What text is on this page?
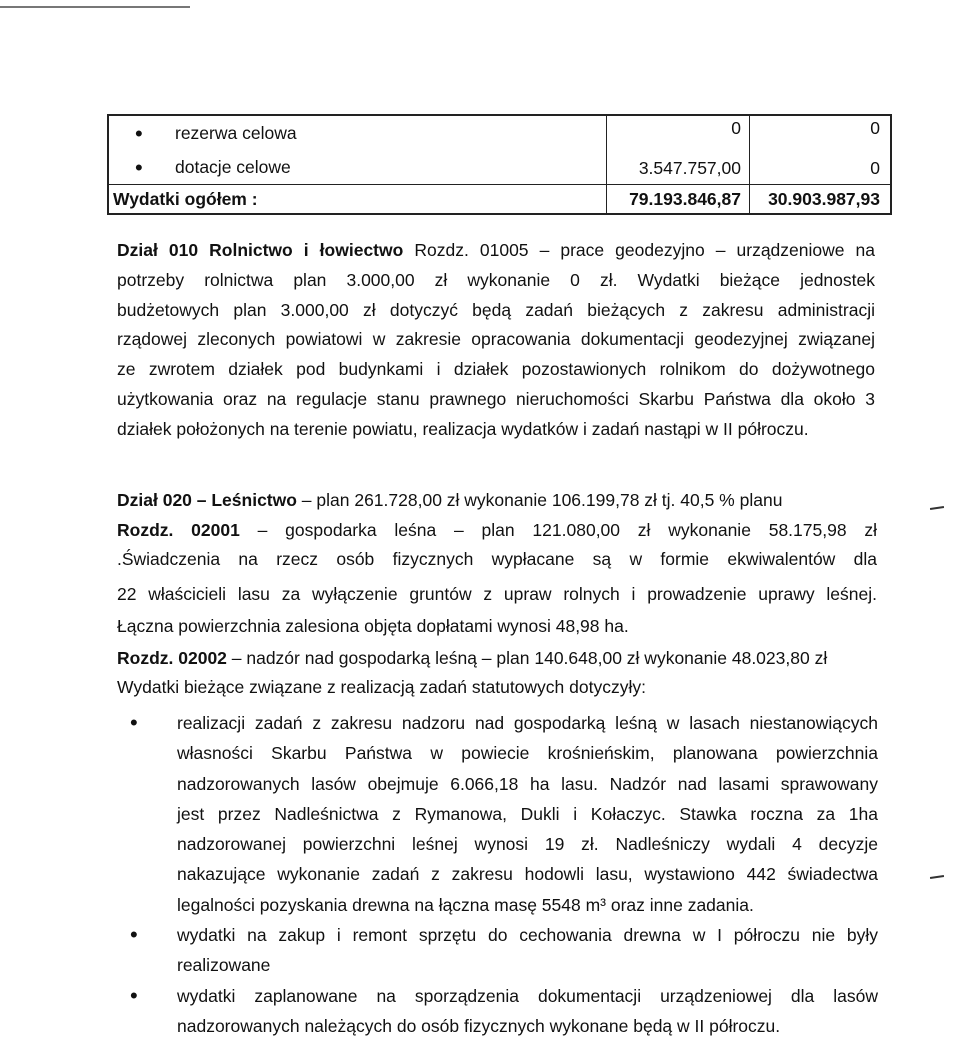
• rezerwa celowa	0	0
• dotacje celowe	3.547.757,00	0
Wydatki ogółem :	79.193.846,87	30.903.987,93
Dział 010 Rolnictwo i łowiectwo Rozdz. 01005 – prace geodezyjno – urządzeniowe na
potrzeby rolnictwa plan 3.000,00 zł wykonanie 0 zł. Wydatki bieżące jednostek
budżetowych plan 3.000,00 zł dotyczyć będą zadań bieżących z zakresu administracji
rządowej zleconych powiatowi w zakresie opracowania dokumentacji geodezyjnej związanej
ze zwrotem działek pod budynkami i działek pozostawionych rolnikom do dożywotnego
użytkowania oraz na regulacje stanu prawnego nieruchomości Skarbu Państwa dla około 3
działek położonych na terenie powiatu, realizacja wydatków i zadań nastąpi w II półroczu.
Dział 020 – Leśnictwo – plan 261.728,00 zł wykonanie 106.199,78 zł tj. 40,5 % planu
Rozdz. 02001 – gospodarka leśna – plan 121.080,00 zł wykonanie 58.175,98 zł
.Świadczenia na rzecz osób fizycznych wypłacane są w formie ekwiwalentów dla
22 właścicieli lasu za wyłączenie gruntów z upraw rolnych i prowadzenie uprawy leśnej.
Łączna powierzchnia zalesiona objęta dopłatami wynosi 48,98 ha.
Rozdz. 02002 – nadzór nad gospodarką leśną – plan 140.648,00 zł wykonanie 48.023,80 zł
Wydatki bieżące związane z realizacją zadań statutowych dotyczyły:
• realizacji zadań z zakresu nadzoru nad gospodarką leśną w lasach niestanowiących
własności Skarbu Państwa w powiecie krośnieńskim, planowana powierzchnia
nadzorowanych lasów obejmuje 6.066,18 ha lasu. Nadzór nad lasami sprawowany
jest przez Nadleśnictwa z Rymanowa, Dukli i Kołaczyc. Stawka roczna za 1ha
nadzorowanej powierzchni leśnej wynosi 19 zł. Nadleśniczy wydali 4 decyzje
nakazujące wykonanie zadań z zakresu hodowli lasu, wystawiono 442 świadectwa
legalności pozyskania drewna na łączna masę 5548 m³ oraz inne zadania.
• wydatki na zakup i remont sprzętu do cechowania drewna w I półroczu nie były
realizowane
• wydatki zaplanowane na sporządzenia dokumentacji urządzeniowej dla lasów
nadzorowanych należących do osób fizycznych wykonane będą w II półroczu.
